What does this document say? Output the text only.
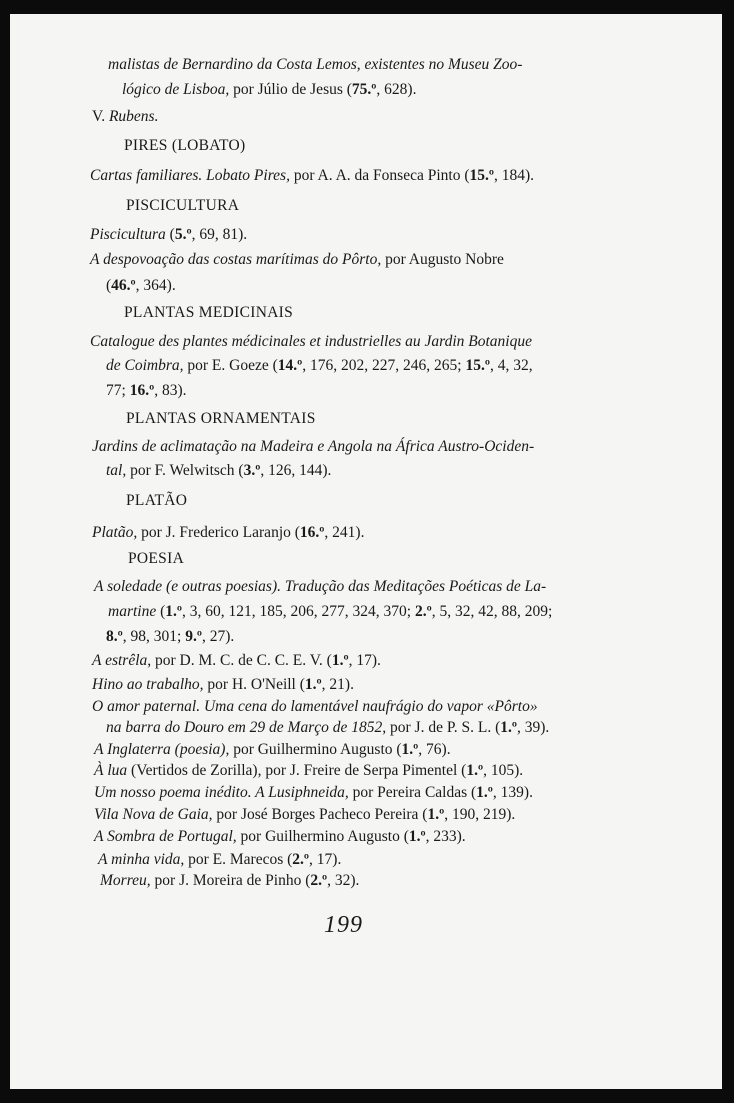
malistas de Bernardino da Costa Lemos, existentes no Museu Zoo-
lógico de Lisboa, por Júlio de Jesus (75.º, 628).
V. Rubens.
PIRES (LOBATO)
Cartas familiares. Lobato Pires, por A. A. da Fonseca Pinto (15.º, 184).
PISCICULTURA
Piscicultura (5.º, 69, 81).
A despovoação das costas marítimas do Pôrto, por Augusto Nobre
(46.º, 364).
PLANTAS MEDICINAIS
Catalogue des plantes médicinales et industrielles au Jardin Botanique
de Coimbra, por E. Goeze (14.º, 176, 202, 227, 246, 265; 15.º, 4, 32,
77; 16.º, 83).
PLANTAS ORNAMENTAIS
Jardins de aclimatação na Madeira e Angola na África Austro-Ociden-
tal, por F. Welwitsch (3.º, 126, 144).
PLATÃO
Platão, por J. Frederico Laranjo (16.º, 241).
POESIA
A soledade (e outras poesias). Tradução das Meditações Poéticas de La-
martine (1.º, 3, 60, 121, 185, 206, 277, 324, 370; 2.º, 5, 32, 42, 88, 209;
8.º, 98, 301; 9.º, 27).
A estrêla, por D. M. C. de C. C. E. V. (1.º, 17).
Hino ao trabalho, por H. O'Neill (1.º, 21).
O amor paternal. Uma cena do lamentável naufrágio do vapor «Pôrto»
na barra do Douro em 29 de Março de 1852, por J. de P. S. L. (1.º, 39).
A Inglaterra (poesia), por Guilhermino Augusto (1.º, 76).
À lua (Vertidos de Zorilla), por J. Freire de Serpa Pimentel (1.º, 105).
Um nosso poema inédito. A Lusiphneida, por Pereira Caldas (1.º, 139).
Vila Nova de Gaia, por José Borges Pacheco Pereira (1.º, 190, 219).
A Sombra de Portugal, por Guilhermino Augusto (1.º, 233).
A minha vida, por E. Marecos (2.º, 17).
Morreu, por J. Moreira de Pinho (2.º, 32).
199
